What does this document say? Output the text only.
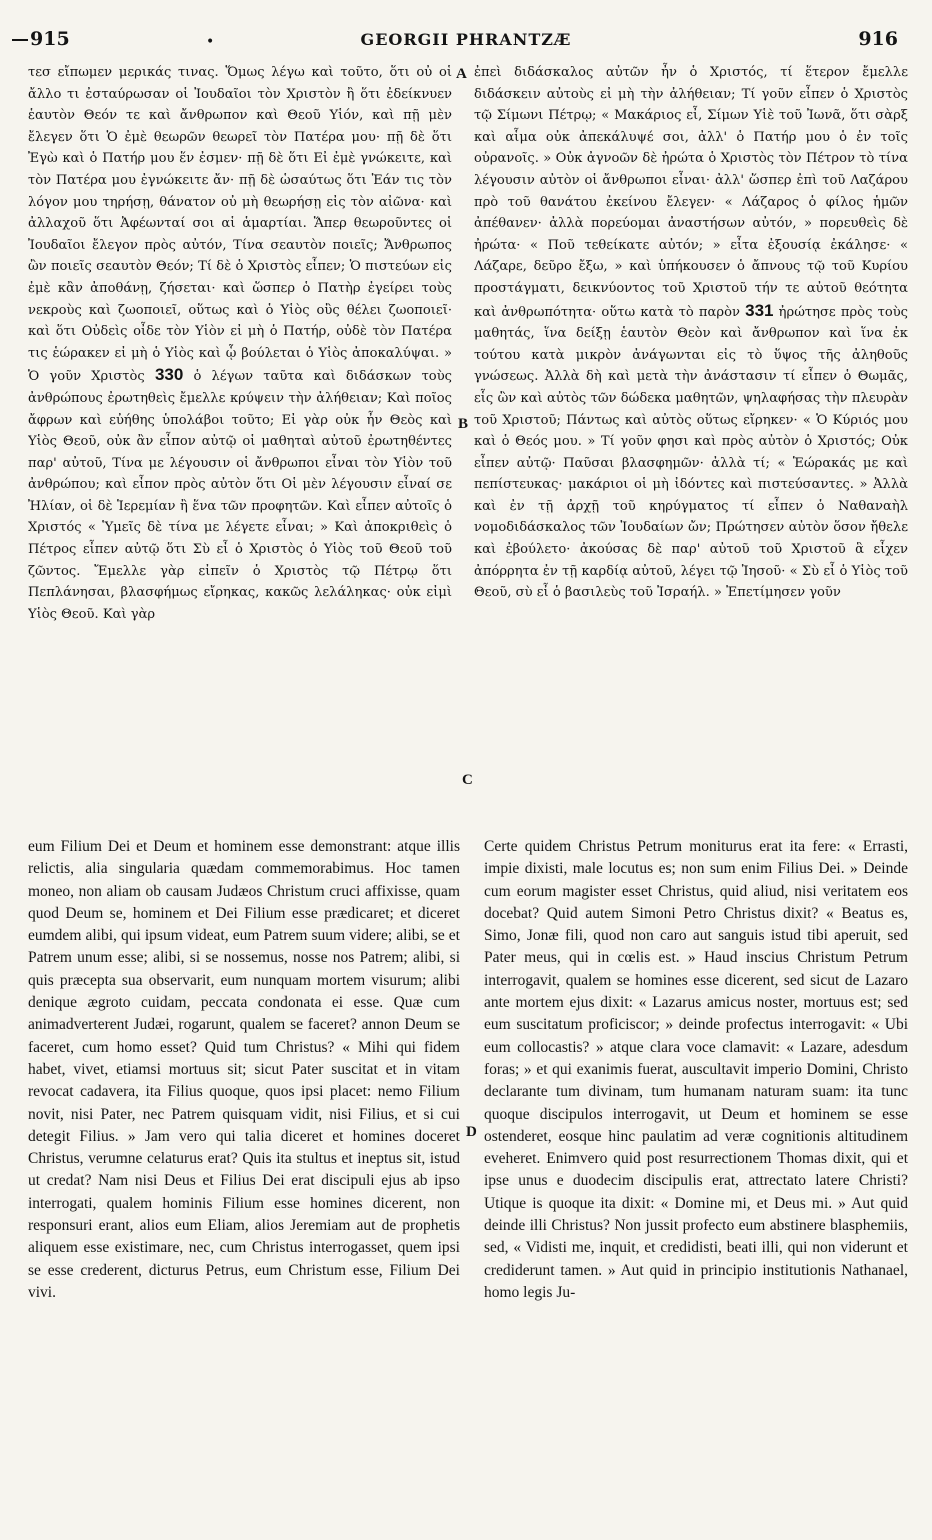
915	•	GEORGII PHRANTZÆ	916
A
B
C
D
τεσ εἴπωμεν μερικάς τινας. Ὅμως λέγω καὶ τοῦτο, ὅτι οὐ οἱ ἄλλο τι ἐσταύρωσαν οἱ Ἰουδαῖοι τὸν Χριστὸν ἢ ὅτι ἐδείκνυεν ἑαυτὸν Θεόν τε καὶ ἄνθρωπον καὶ Θεοῦ Υἱόν, καὶ πῇ μὲν ἔλεγεν ὅτι Ὁ ἐμὲ θεωρῶν θεωρεῖ τὸν Πατέρα μου· πῇ δὲ ὅτι Ἐγὼ καὶ ὁ Πατήρ μου ἕν ἐσμεν· πῇ δὲ ὅτι Εἰ ἐμὲ γνώκειτε, καὶ τὸν Πατέρα μου ἐγνώκειτε ἄν· πῇ δὲ ὡσαύτως ὅτι Ἐάν τις τὸν λόγον μου τηρήσῃ, θάνατον οὐ μὴ θεωρήσῃ εἰς τὸν αἰῶνα· καὶ ἀλλαχοῦ ὅτι Ἀφέωνταί σοι αἱ ἁμαρτίαι. Ἅπερ θεωροῦντες οἱ Ἰουδαῖοι ἔλεγον πρὸς αὐτόν, Τίνα σεαυτὸν ποιεῖς; Ἄνθρωπος ὢν ποιεῖς σεαυτὸν Θεόν; Τί δὲ ὁ Χριστὸς εἶπεν; Ὁ πιστεύων εἰς ἐμὲ κἂν ἀποθάνῃ, ζήσεται· καὶ ὥσπερ ὁ Πατὴρ ἐγείρει τοὺς νεκροὺς καὶ ζωοποιεῖ, οὕτως καὶ ὁ Υἱὸς οὓς θέλει ζωοποιεῖ· καὶ ὅτι Οὐδεὶς οἶδε τὸν Υἱὸν εἰ μὴ ὁ Πατήρ, οὐδὲ τὸν Πατέρα τις ἑώρακεν εἰ μὴ ὁ Υἱὸς καὶ ᾧ βούλεται ὁ Υἱὸς ἀποκαλύψαι. » Ὁ γοῦν Χριστὸς 330 ὁ λέγων ταῦτα καὶ διδάσκων τοὺς ἀνθρώπους ἐρωτηθεὶς ἔμελλε κρύψειν τὴν ἀλήθειαν; Καὶ ποῖος ἄφρων καὶ εὐήθης ὑπολάβοι τοῦτο; Εἰ γὰρ οὐκ ἦν Θεὸς καὶ Υἱὸς Θεοῦ, οὐκ ἂν εἶπον αὐτῷ οἱ μαθηταὶ αὐτοῦ ἐρωτηθέντες παρ' αὐτοῦ, Τίνα με λέγουσιν οἱ ἄνθρωποι εἶναι τὸν Υἱὸν τοῦ ἀνθρώπου; καὶ εἶπον πρὸς αὐτὸν ὅτι Οἱ μὲν λέγουσιν εἶναί σε Ἠλίαν, οἱ δὲ Ἱερεμίαν ἢ ἕνα τῶν προφητῶν. Καὶ εἶπεν αὐτοῖς ὁ Χριστός « Ὑμεῖς δὲ τίνα με λέγετε εἶναι; » Καὶ ἀποκριθεὶς ὁ Πέτρος εἶπεν αὐτῷ ὅτι Σὺ εἶ ὁ Χριστὸς ὁ Υἱὸς τοῦ Θεοῦ τοῦ ζῶντος. Ἔμελλε γὰρ εἰπεῖν ὁ Χριστὸς τῷ Πέτρῳ ὅτι Πεπλάνησαι, βλασφήμως εἴρηκας, κακῶς λελάληκας· οὐκ εἰμὶ Υἱὸς Θεοῦ. Καὶ γὰρ
ἐπεὶ διδάσκαλος αὐτῶν ἦν ὁ Χριστός, τί ἕτερον ἔμελλε διδάσκειν αὐτοὺς εἰ μὴ τὴν ἀλήθειαν; Τί γοῦν εἶπεν ὁ Χριστὸς τῷ Σίμωνι Πέτρῳ; « Μακάριος εἶ, Σίμων Υἱὲ τοῦ Ἰωνᾶ, ὅτι σὰρξ καὶ αἷμα οὐκ ἀπεκάλυψέ σοι, ἀλλ' ὁ Πατήρ μου ὁ ἐν τοῖς οὐρανοῖς. » Οὐκ ἀγνοῶν δὲ ἠρώτα ὁ Χριστὸς τὸν Πέτρον τὸ τίνα λέγουσιν αὐτὸν οἱ ἄνθρωποι εἶναι· ἀλλ' ὥσπερ ἐπὶ τοῦ Λαζάρου πρὸ τοῦ θανάτου ἐκείνου ἔλεγεν· « Λάζαρος ὁ φίλος ἡμῶν ἀπέθανεν· ἀλλὰ πορεύομαι ἀναστήσων αὐτόν, » πορευθεὶς δὲ ἠρώτα· « Ποῦ τεθείκατε αὐτόν; » εἶτα ἐξουσίᾳ ἐκάλησε· « Λάζαρε, δεῦρο ἔξω, » καὶ ὑπήκουσεν ὁ ἄπνους τῷ τοῦ Κυρίου προστάγματι, δεικνύοντος τοῦ Χριστοῦ τήν τε αὐτοῦ θεότητα καὶ ἀνθρωπότητα· οὕτω κατὰ τὸ παρὸν 331 ἠρώτησε πρὸς τοὺς μαθητάς, ἵνα δείξῃ ἑαυτὸν Θεὸν καὶ ἄνθρωπον καὶ ἵνα ἐκ τούτου κατὰ μικρὸν ἀνάγωνται εἰς τὸ ὕψος τῆς ἀληθοῦς γνώσεως. Ἀλλὰ δὴ καὶ μετὰ τὴν ἀνάστασιν τί εἶπεν ὁ Θωμᾶς, εἷς ὢν καὶ αὐτὸς τῶν δώδεκα μαθητῶν, ψηλαφήσας τὴν πλευρὰν τοῦ Χριστοῦ; Πάντως καὶ αὐτὸς οὕτως εἴρηκεν· « Ὁ Κύριός μου καὶ ὁ Θεός μου. » Τί γοῦν φησι καὶ πρὸς αὐτὸν ὁ Χριστός; Οὐκ εἶπεν αὐτῷ· Παῦσαι βλασφημῶν· ἀλλὰ τί; « Ἑώρακάς με καὶ πεπίστευκας· μακάριοι οἱ μὴ ἰδόντες καὶ πιστεύσαντες. » Ἀλλὰ καὶ ἐν τῇ ἀρχῇ τοῦ κηρύγματος τί εἶπεν ὁ Ναθαναὴλ νομοδιδάσκαλος τῶν Ἰουδαίων ὤν; Πρώτησεν αὐτὸν ὅσον ἤθελε καὶ ἐβούλετο· ἀκούσας δὲ παρ' αὐτοῦ τοῦ Χριστοῦ ἃ εἶχεν ἀπόρρητα ἐν τῇ καρδίᾳ αὐτοῦ, λέγει τῷ Ἰησοῦ· « Σὺ εἶ ὁ Υἱὸς τοῦ Θεοῦ, σὺ εἶ ὁ βασιλεὺς τοῦ Ἰσραήλ. » Ἐπετίμησεν γοῦν
eum Filium Dei et Deum et hominem esse demonstrant: atque illis relictis, alia singularia quædam commemorabimus. Hoc tamen moneo, non aliam ob causam Judæos Christum cruci affixisse, quam quod Deum se, hominem et Dei Filium esse prædicaret; et diceret eumdem alibi, qui ipsum videat, eum Patrem suum videre; alibi, se et Patrem unum esse; alibi, si se nossemus, nosse nos Patrem; alibi, si quis præcepta sua observarit, eum nunquam mortem visurum; alibi denique ægroto cuidam, peccata condonata ei esse. Quæ cum animadverterent Judæi, rogarunt, qualem se faceret? annon Deum se faceret, cum homo esset? Quid tum Christus? « Mihi qui fidem habet, vivet, etiamsi mortuus sit; sicut Pater suscitat et in vitam revocat cadavera, ita Filius quoque, quos ipsi placet: nemo Filium novit, nisi Pater, nec Patrem quisquam vidit, nisi Filius, et si cui detegit Filius. » Jam vero qui talia diceret et homines doceret Christus, verumne celaturus erat? Quis ita stultus et ineptus sit, istud ut credat? Nam nisi Deus et Filius Dei erat discipuli ejus ab ipso interrogati, qualem hominis Filium esse homines dicerent, non responsuri erant, alios eum Eliam, alios Jeremiam aut de prophetis aliquem esse existimare, nec, cum Christus interrogasset, quem ipsi se esse crederent, dicturus Petrus, eum Christum esse, Filium Dei vivi.
Certe quidem Christus Petrum moniturus erat ita fere: « Errasti, impie dixisti, male locutus es; non sum enim Filius Dei. » Deinde cum eorum magister esset Christus, quid aliud, nisi veritatem eos docebat? Quid autem Simoni Petro Christus dixit? « Beatus es, Simo, Jonæ fili, quod non caro aut sanguis istud tibi aperuit, sed Pater meus, qui in cœlis est. » Haud inscius Christum Petrum interrogavit, qualem se homines esse dicerent, sed sicut de Lazaro ante mortem ejus dixit: « Lazarus amicus noster, mortuus est; sed eum suscitatum proficiscor; » deinde profectus interrogavit: « Ubi eum collocastis? » atque clara voce clamavit: « Lazare, adesdum foras; » et qui exanimis fuerat, auscultavit imperio Domini, Christo declarante tum divinam, tum humanam naturam suam: ita tunc quoque discipulos interrogavit, ut Deum et hominem se esse ostenderet, eosque hinc paulatim ad veræ cognitionis altitudinem eveheret. Enimvero quid post resurrectionem Thomas dixit, qui et ipse unus e duodecim discipulis erat, attrectato latere Christi? Utique is quoque ita dixit: « Domine mi, et Deus mi. » Aut quid deinde illi Christus? Non jussit profecto eum abstinere blasphemiis, sed, « Vidisti me, inquit, et credidisti, beati illi, qui non viderunt et crediderunt tamen. » Aut quid in principio institutionis Nathanael, homo legis Ju-
